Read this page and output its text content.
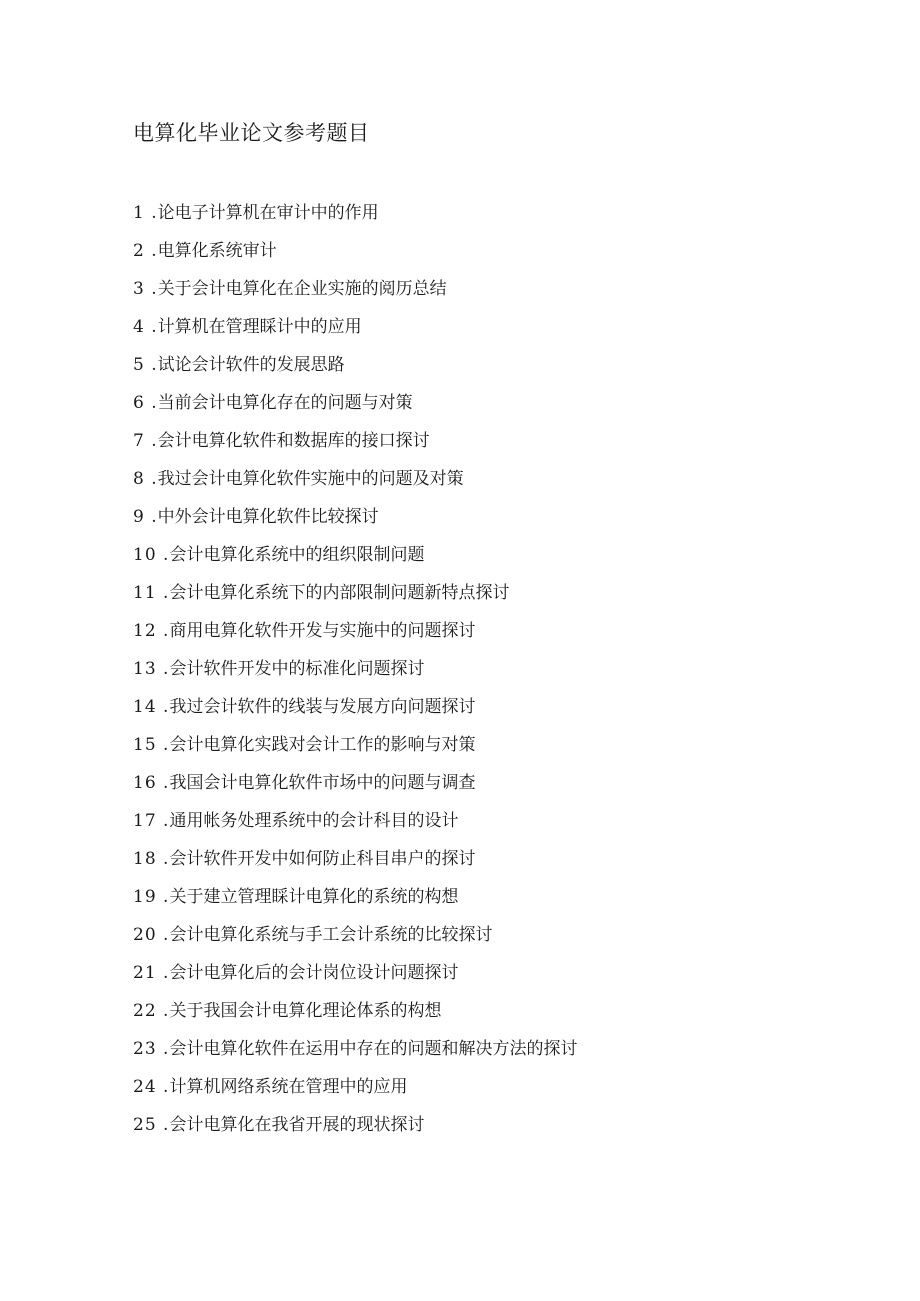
电算化毕业论文参考题目
1 .论电子计算机在审计中的作用
2 .电算化系统审计
3 .关于会计电算化在企业实施的阅历总结
4 .计算机在管理睬计中的应用
5 .试论会计软件的发展思路
6 .当前会计电算化存在的问题与对策
7 .会计电算化软件和数据库的接口探讨
8 .我过会计电算化软件实施中的问题及对策
9 .中外会计电算化软件比较探讨
10 .会计电算化系统中的组织限制问题
11 .会计电算化系统下的内部限制问题新特点探讨
12 .商用电算化软件开发与实施中的问题探讨
13 .会计软件开发中的标准化问题探讨
14 .我过会计软件的线装与发展方向问题探讨
15 .会计电算化实践对会计工作的影响与对策
16 .我国会计电算化软件市场中的问题与调查
17 .通用帐务处理系统中的会计科目的设计
18 .会计软件开发中如何防止科目串户的探讨
19 .关于建立管理睬计电算化的系统的构想
20 .会计电算化系统与手工会计系统的比较探讨
21 .会计电算化后的会计岗位设计问题探讨
22 .关于我国会计电算化理论体系的构想
23 .会计电算化软件在运用中存在的问题和解决方法的探讨
24 .计算机网络系统在管理中的应用
25 .会计电算化在我省开展的现状探讨
